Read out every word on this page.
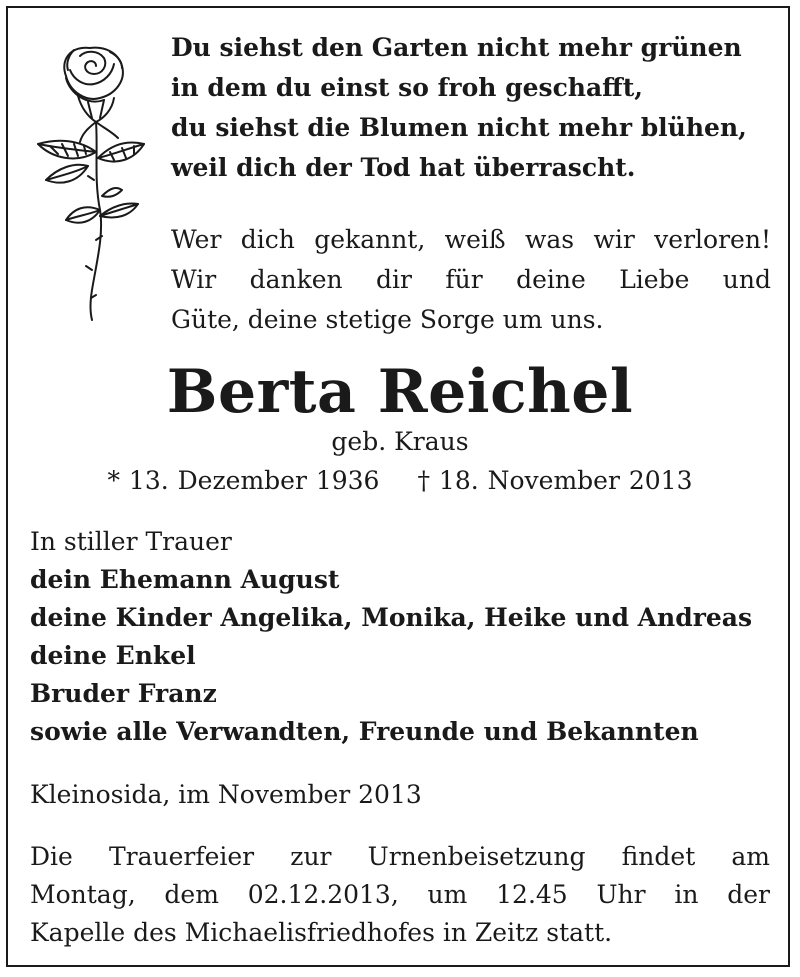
Du siehst den Garten nicht mehr grünen
in dem du einst so froh geschafft,
du siehst die Blumen nicht mehr blühen,
weil dich der Tod hat überrascht.
Wer dich gekannt, weiß was wir verloren!
Wir danken dir für deine Liebe und
Güte, deine stetige Sorge um uns.
Berta Reichel
geb. Kraus
* 13. Dezember 1936 † 18. November 2013
In stiller Trauer
dein Ehemann August
deine Kinder Angelika, Monika, Heike und Andreas
deine Enkel
Bruder Franz
sowie alle Verwandten, Freunde und Bekannten
Kleinosida, im November 2013
Die Trauerfeier zur Urnenbeisetzung findet am
Montag, dem 02.12.2013, um 12.45 Uhr in der
Kapelle des Michaelisfriedhofes in Zeitz statt.
